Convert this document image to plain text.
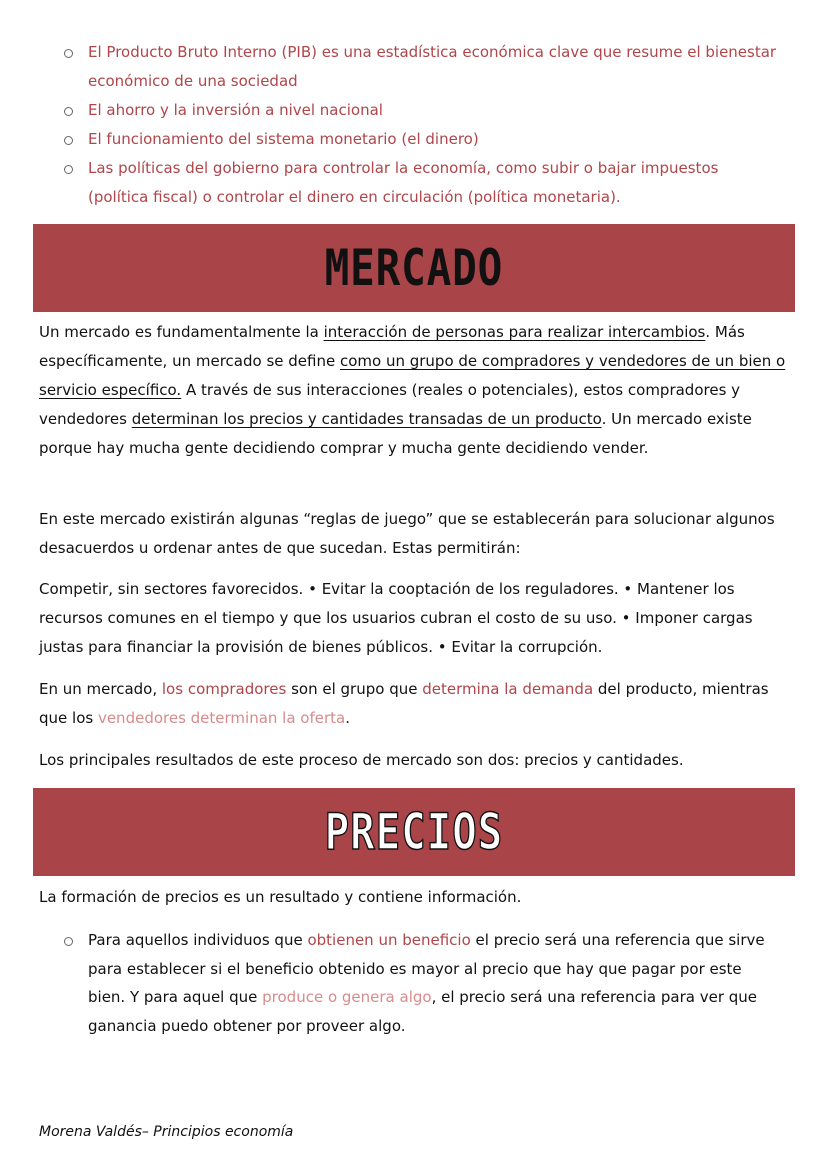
El Producto Bruto Interno (PIB) es una estadística económica clave que resume el bienestar económico de una sociedad
El ahorro y la inversión a nivel nacional
El funcionamiento del sistema monetario (el dinero)
Las políticas del gobierno para controlar la economía, como subir o bajar impuestos (política fiscal) o controlar el dinero en circulación (política monetaria).
MERCADO

Un mercado es fundamentalmente la interacción de personas para realizar intercambios. Más específicamente, un mercado se define como un grupo de compradores y vendedores de un bien o servicio específico. A través de sus interacciones (reales o potenciales), estos compradores y vendedores determinan los precios y cantidades transadas de un producto. Un mercado existe porque hay mucha gente decidiendo comprar y mucha gente decidiendo vender.

En este mercado existirán algunas “reglas de juego” que se establecerán para solucionar algunos desacuerdos u ordenar antes de que sucedan. Estas permitirán:

Competir, sin sectores favorecidos. • Evitar la cooptación de los reguladores. • Mantener los recursos comunes en el tiempo y que los usuarios cubran el costo de su uso. • Imponer cargas justas para financiar la provisión de bienes públicos. • Evitar la corrupción.

En un mercado, los compradores son el grupo que determina la demanda del producto, mientras que los vendedores determinan la oferta.

Los principales resultados de este proceso de mercado son dos: precios y cantidades.

PRECIOS

La formación de precios es un resultado y contiene información.

Para aquellos individuos que obtienen un beneficio el precio será una referencia que sirve para establecer si el beneficio obtenido es mayor al precio que hay que pagar por este bien. Y para aquel que produce o genera algo, el precio será una referencia para ver que ganancia puedo obtener por proveer algo.
Morena Valdés– Principios economía
